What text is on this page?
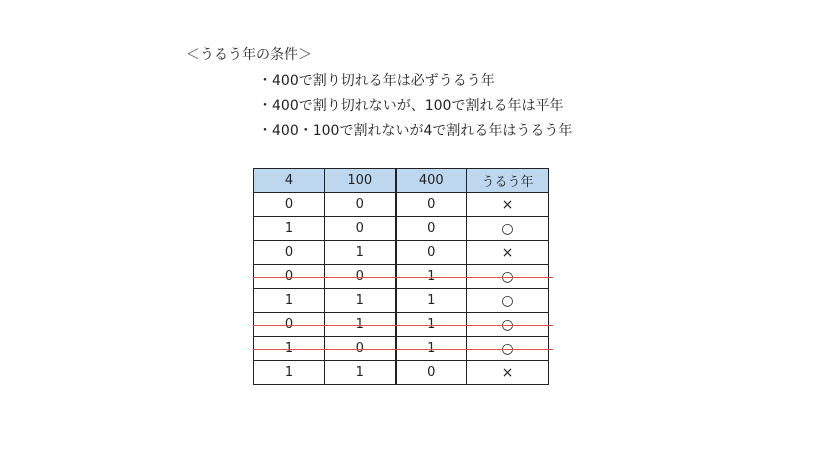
＜うるう年の条件＞
・400で割り切れる年は必ずうるう年
・400で割り切れないが、100で割れる年は平年
・400・100で割れないが4で割れる年はうるう年
4	100	400	うるう年
0	0	0	×
1	0	0	○
0	1	0	×
0	0	1	○
1	1	1	○
0	1	1	○
1	0	1	○
1	1	0	×
